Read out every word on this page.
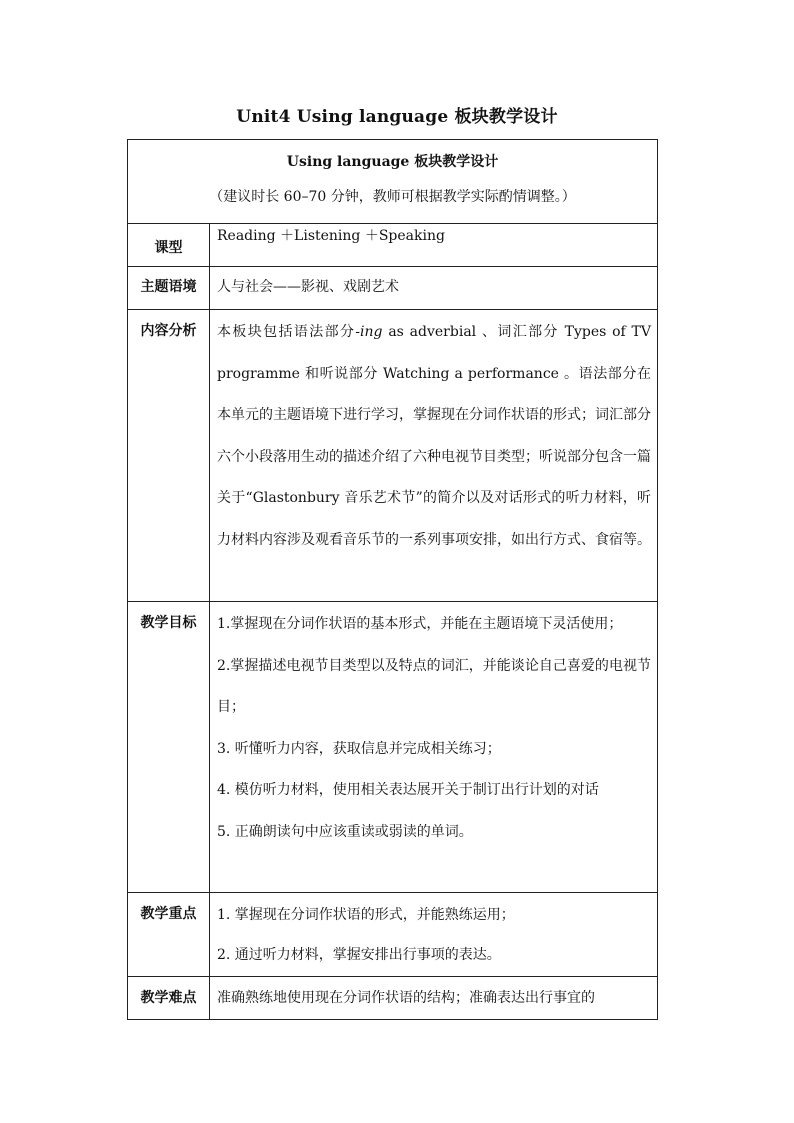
Unit4 Using language 板块教学设计
Using language 板块教学设计
（建议时长 60–70 分钟，教师可根据教学实际酌情调整。）	

课型	Reading ＋Listening ＋Speaking

主题语境	人与社会——影视、戏剧艺术

内容分析	本板块包括语法部分-ing as adverbial 、词汇部分 Types of TV programme 和听说部分 Watching a performance 。语法部分在本单元的主题语境下进行学习，掌握现在分词作状语的形式；词汇部分六个小段落用生动的描述介绍了六种电视节目类型；听说部分包含一篇关于“Glastonbury 音乐艺术节”的简介以及对话形式的听力材料，听力材料内容涉及观看音乐节的一系列事项安排，如出行方式、食宿等。

教学目标	1.掌握现在分词作状语的基本形式，并能在主题语境下灵活使用；
2.掌握描述电视节目类型以及特点的词汇，并能谈论自己喜爱的电视节目；
3. 听懂听力内容，获取信息并完成相关练习；
4. 模仿听力材料，使用相关表达展开关于制订出行计划的对话
5. 正确朗读句中应该重读或弱读的单词。

教学重点	1. 掌握现在分词作状语的形式，并能熟练运用；
2. 通过听力材料，掌握安排出行事项的表达。

教学难点	准确熟练地使用现在分词作状语的结构；准确表达出行事宜的
